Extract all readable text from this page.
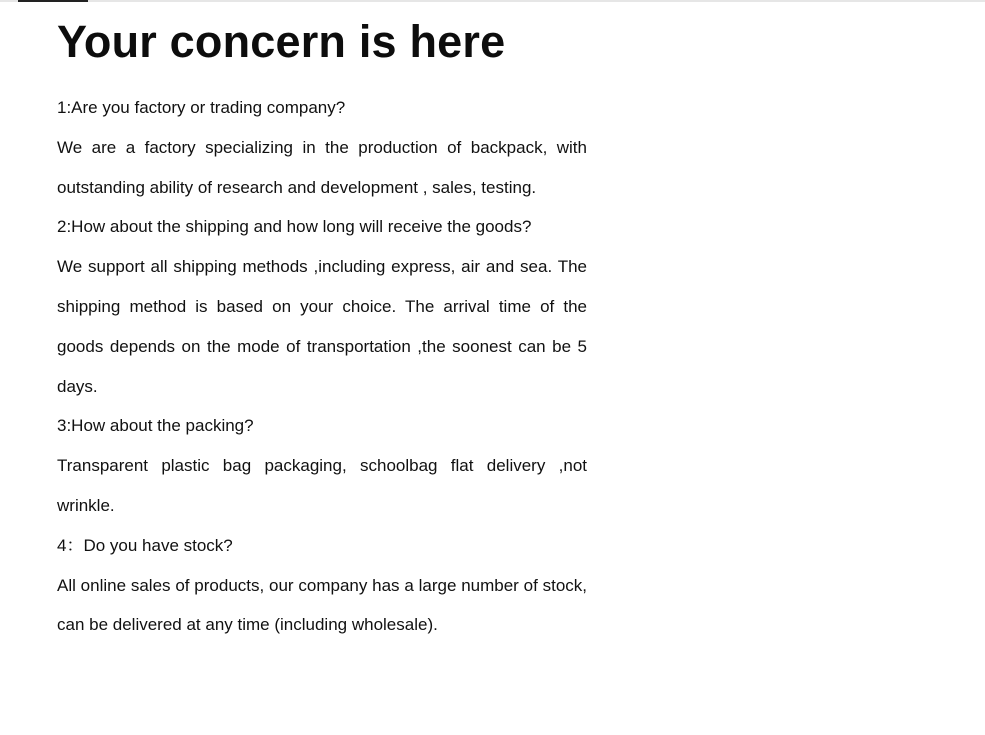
Your concern is here

1:Are you factory or trading company?

We are a factory specializing in the production of backpack, with outstanding ability of research and development , sales, testing.

2:How about the shipping and how long will receive the goods?

We support all shipping methods ,including express, air and sea. The shipping method is based on your choice. The arrival time of the goods depends on the mode of transportation ,the soonest can be 5 days.

3:How about the packing?

Transparent plastic bag packaging, schoolbag flat delivery ,not wrinkle.

4：Do you have stock?

All online sales of products, our company has a large number of stock, can be delivered at any time (including wholesale).
